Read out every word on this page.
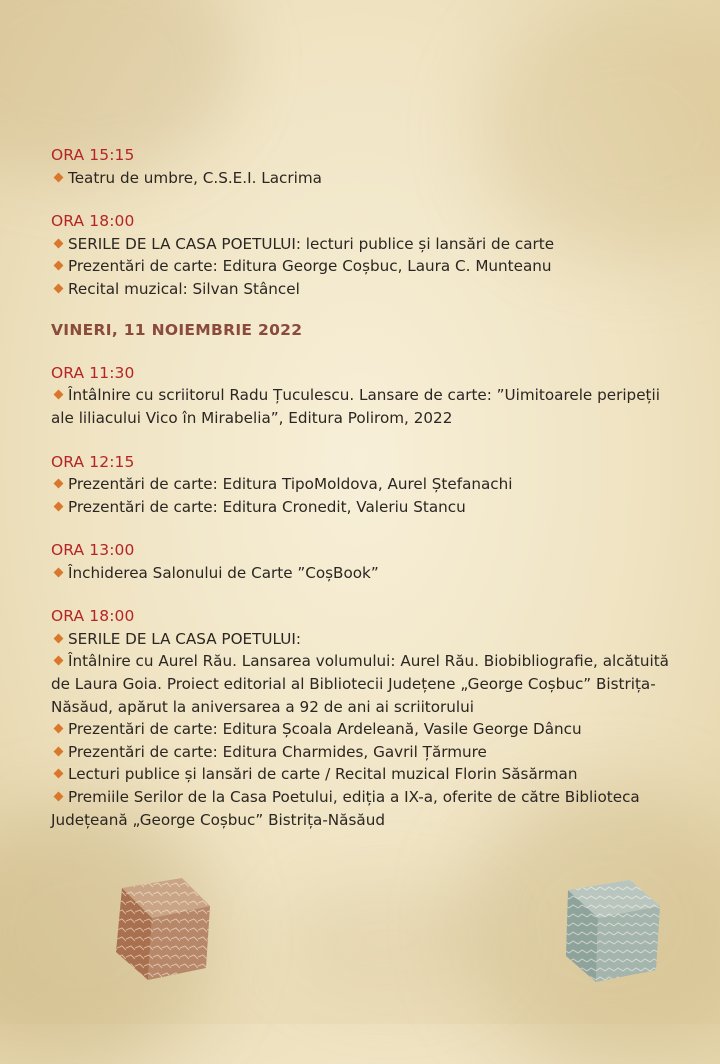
ORA 15:15
Teatru de umbre, C.S.E.I. Lacrima
ORA 18:00
SERILE DE LA CASA POETULUI: lecturi publice și lansări de carte
Prezentări de carte: Editura George Coșbuc, Laura C. Munteanu
Recital muzical: Silvan Stâncel
VINERI, 11 NOIEMBRIE 2022
ORA 11:30
Întâlnire cu scriitorul Radu Țuculescu. Lansare de carte: ”Uimitoarele peripeții ale liliacului Vico în Mirabelia”, Editura Polirom, 2022
ORA 12:15
Prezentări de carte: Editura TipoMoldova, Aurel Ștefanachi
Prezentări de carte: Editura Cronedit, Valeriu Stancu
ORA 13:00
Închiderea Salonului de Carte ”CoșBook”
ORA 18:00
SERILE DE LA CASA POETULUI:
Întâlnire cu Aurel Rău. Lansarea volumului: Aurel Rău. Biobibliografie, alcătuită de Laura Goia. Proiect editorial al Bibliotecii Județene „George Coșbuc” Bistrița-Năsăud, apărut la aniversarea a 92 de ani ai scriitorului
Prezentări de carte: Editura Școala Ardeleană, Vasile George Dâncu
Prezentări de carte: Editura Charmides, Gavril Țărmure
Lecturi publice și lansări de carte / Recital muzical Florin Săsărman
Premiile Serilor de la Casa Poetului, ediția a IX-a, oferite de către Biblioteca Județeană „George Coșbuc” Bistrița-Năsăud
